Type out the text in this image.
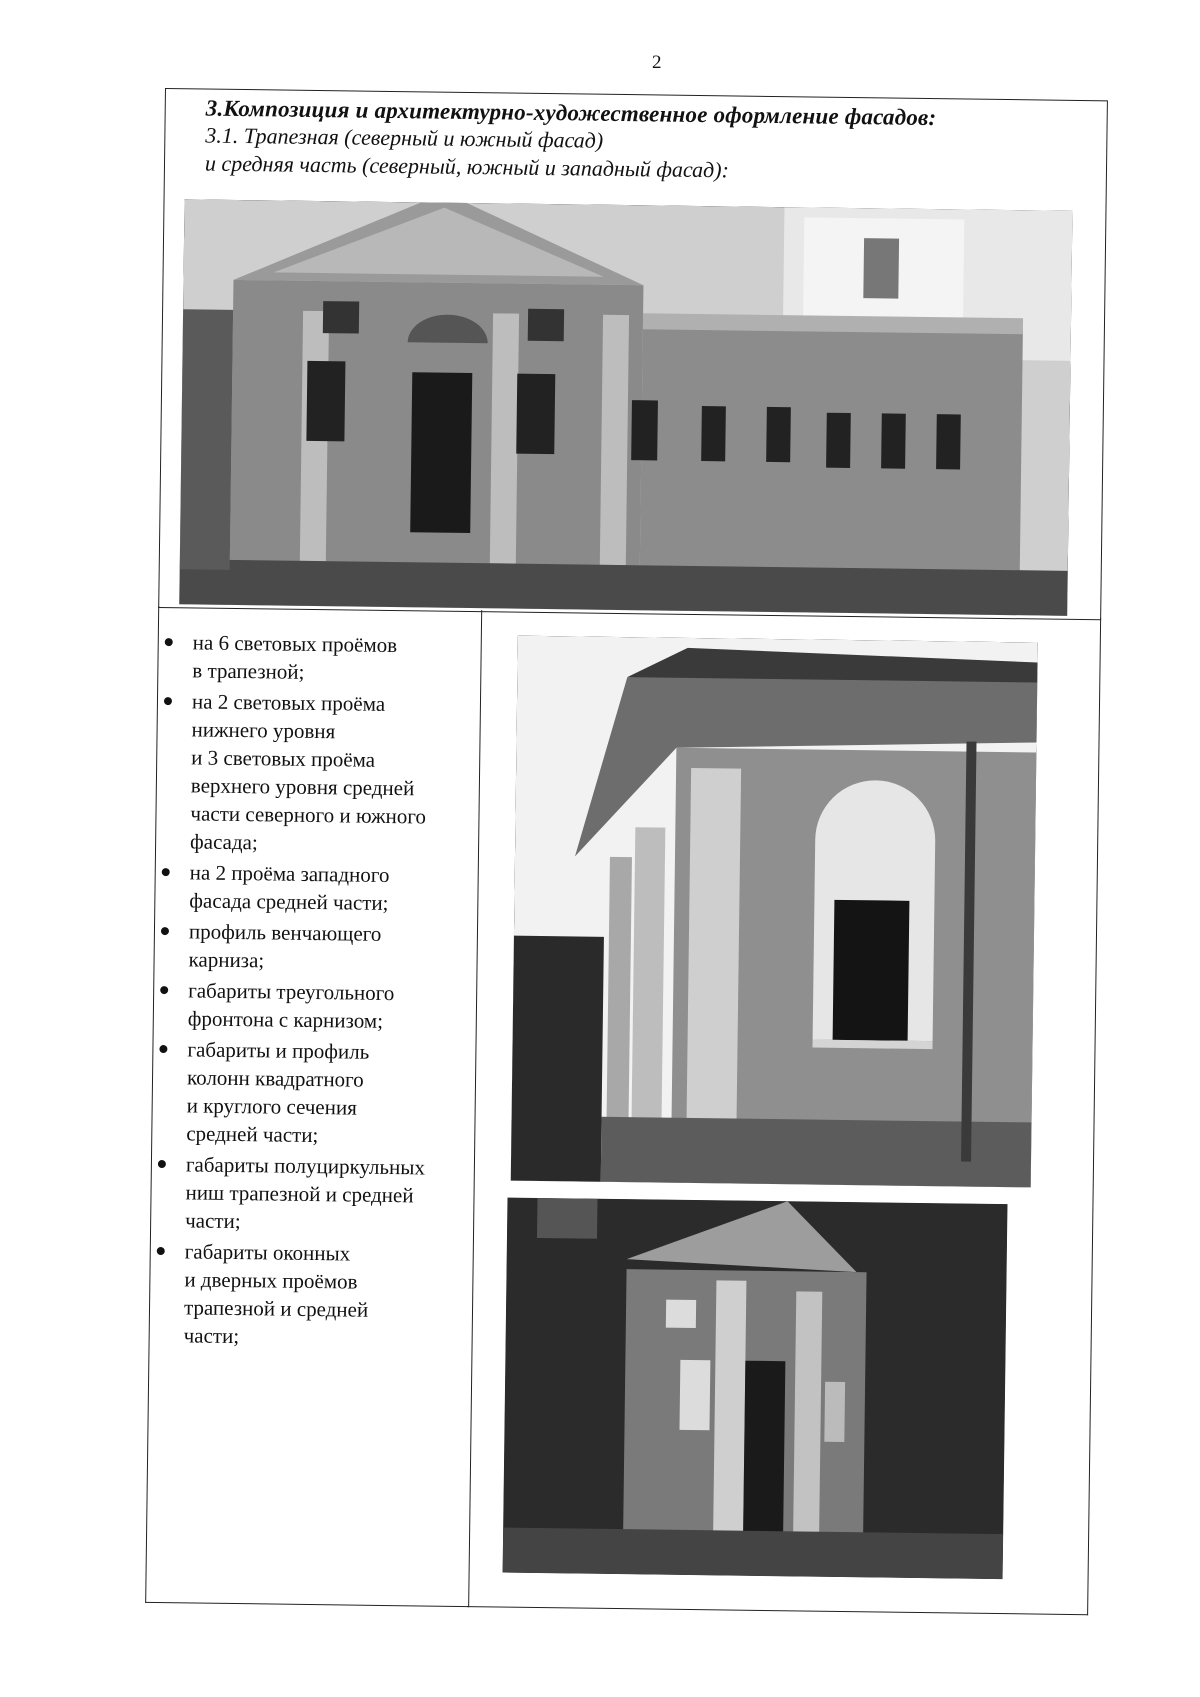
2
3.Композиция и архитектурно-художественное оформление фасадов:
3.1. Трапезная (северный и южный фасад)
и средняя часть (северный, южный и западный фасад):
на 6 световых проёмов
в трапезной;
на 2 световых проёма
нижнего уровня
и 3 световых проёма
верхнего уровня средней
части северного и южного
фасада;
на 2 проёма западного
фасада средней части;
профиль венчающего
карниза;
габариты треугольного
фронтона с карнизом;
габариты и профиль
колонн квадратного
и круглого сечения
средней части;
габариты полуциркульных
ниш трапезной и средней
части;
габариты оконных
и дверных проёмов
трапезной и средней
части;
